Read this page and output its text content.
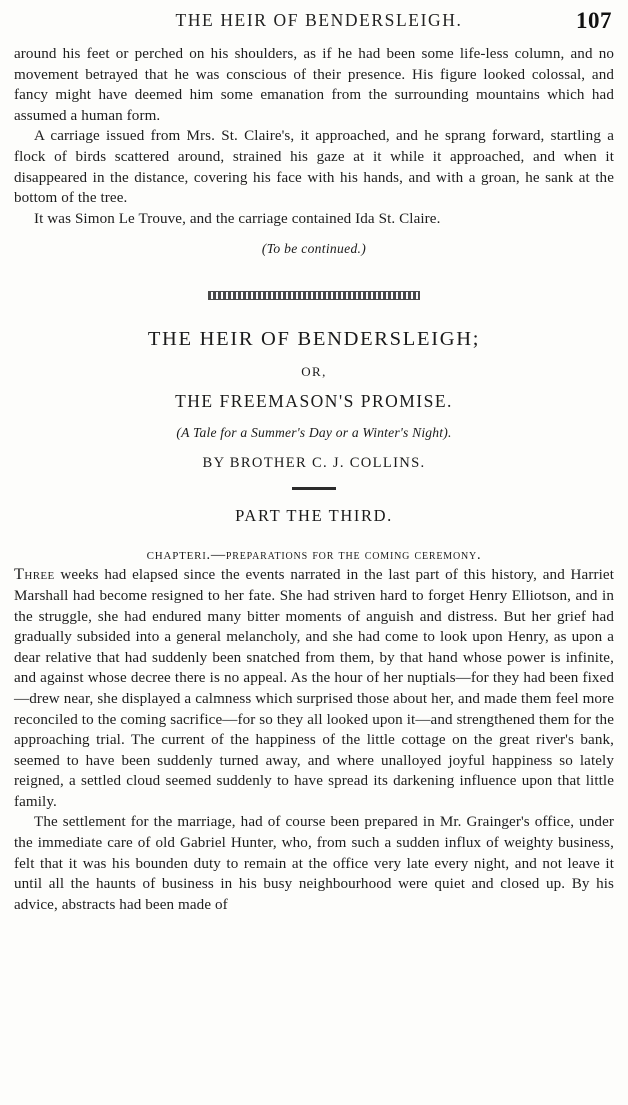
THE HEIR OF BENDERSLEIGH.	107

around his feet or perched on his shoulders, as if he had been some life-less column, and no movement betrayed that he was conscious of their presence. His figure looked colossal, and fancy might have deemed him some emanation from the surrounding mountains which had assumed a human form.

A carriage issued from Mrs. St. Claire's, it approached, and he sprang forward, startling a flock of birds scattered around, strained his gaze at it while it approached, and when it disappeared in the distance, covering his face with his hands, and with a groan, he sank at the bottom of the tree.

It was Simon Le Trouve, and the carriage contained Ida St. Claire.

(To be continued.)
THE HEIR OF BENDERSLEIGH;
OR,
THE FREEMASON'S PROMISE.
(A Tale for a Summer's Day or a Winter's Night).
BY BROTHER C. J. COLLINS.
PART THE THIRD.
chapteri.—preparations for the coming ceremony.

Three weeks had elapsed since the events narrated in the last part of this history, and Harriet Marshall had become resigned to her fate. She had striven hard to forget Henry Elliotson, and in the struggle, she had endured many bitter moments of anguish and distress. But her grief had gradually subsided into a general melancholy, and she had come to look upon Henry, as upon a dear relative that had suddenly been snatched from them, by that hand whose power is infinite, and against whose decree there is no appeal. As the hour of her nuptials—for they had been fixed—drew near, she displayed a calmness which surprised those about her, and made them feel more reconciled to the coming sacrifice—for so they all looked upon it—and strengthened them for the approaching trial. The current of the happiness of the little cottage on the great river's bank, seemed to have been suddenly turned away, and where unalloyed joyful happiness so lately reigned, a settled cloud seemed suddenly to have spread its darkening influence upon that little family.

The settlement for the marriage, had of course been prepared in Mr. Grainger's office, under the immediate care of old Gabriel Hunter, who, from such a sudden influx of weighty business, felt that it was his bounden duty to remain at the office very late every night, and not leave it until all the haunts of business in his busy neighbourhood were quiet and closed up. By his advice, abstracts had been made of
